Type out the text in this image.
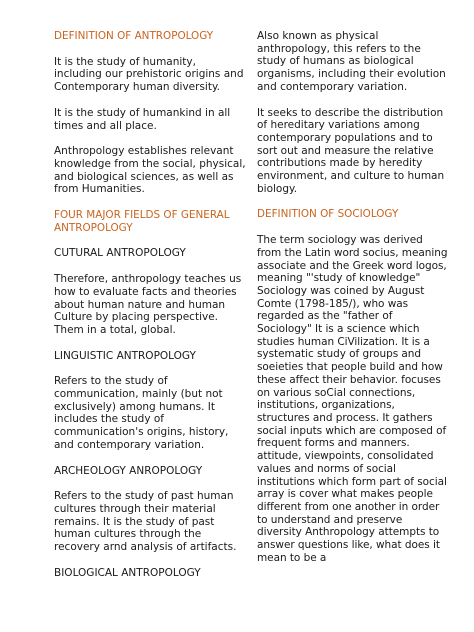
DEFINITION OF ANTROPOLOGY
It is the study of humanity, including our prehistoric origins and Contemporary human diversity.
It is the study of humankind in all times and all place.
Anthropology establishes relevant knowledge from the social, physical, and biological sciences, as well as from Humanities.
FOUR MAJOR FIELDS OF GENERAL ANTROPOLOGY
CUTURAL ANTROPOLOGY
Therefore, anthropology teaches us how to evaluate facts and theories about human nature and human Culture by placing perspective. Them in a total, global.
LINGUISTIC ANTROPOLOGY
Refers to the study of communication, mainly (but not exclusively) among humans. It includes the study of communication's origins, history, and contemporary variation.
ARCHEOLOGY ANROPOLOGY
Refers to the study of past human cultures through their material remains. It is the study of past human cultures through the recovery arnd analysis of artifacts.
BIOLOGICAL ANTROPOLOGY
Also known as physical anthropology, this refers to the study of humans as biological organisms, including their evolution and contemporary variation.
It seeks to describe the distribution of hereditary variations among contemporary populations and to sort out and measure the relative contributions made by heredity environment, and culture to human biology.
DEFINITION OF SOCIOLOGY
The term sociology was derived from the Latin word socius, meaning associate and the Greek word logos, meaning "'study of knowledge" Sociology was coined by August Comte (1798-185/), who was regarded as the "father of Sociology" It is a science which studies human CiVilization. It is a systematic study of groups and soeieties that people build and how these affect their behavior. focuses on various soCial connections, institutions, organizations, structures and process. It gathers social inputs which are composed of frequent forms and manners. attitude, viewpoints, consolidated values and norms of social institutions which form part of social array is cover what makes people different from one another in order to understand and preserve diversity Anthropology attempts to answer questions like, what does it mean to be a
